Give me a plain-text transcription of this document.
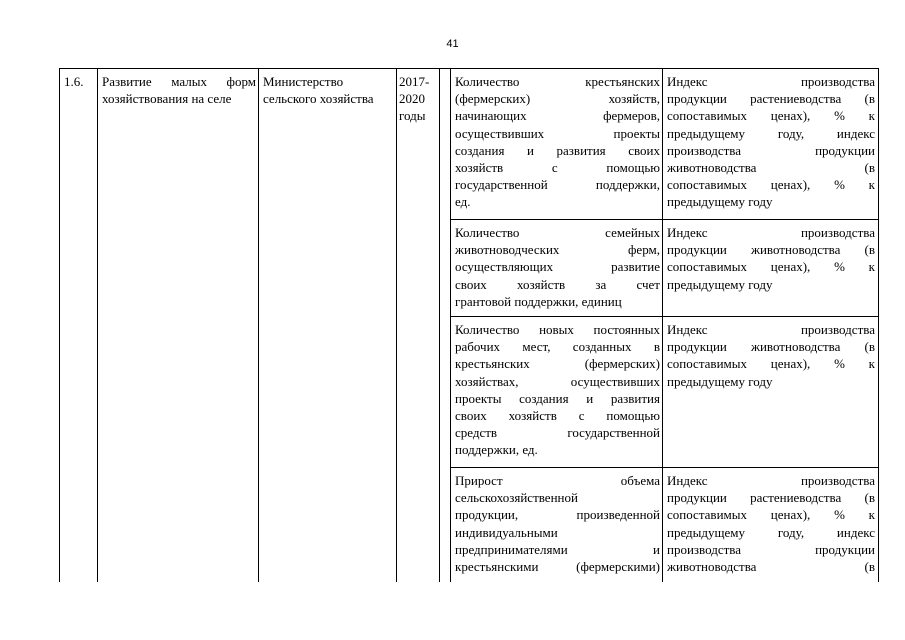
41
1.6. Развитие малых форм хозяйствования на селе

Министерство

сельского хозяйства

2017-

2020

годы

Количество крестьянских

(фермерских) хозяйств,

начинающих фермеров,

осуществивших проекты

создания и развития своих

хозяйств с помощью

государственной поддержки,

ед.

Индекс производства

продукции растениеводства (в

сопоставимых ценах), % к

предыдущему году, индекс

производства продукции

животноводства (в

сопоставимых ценах), % к

предыдущему году

Количество семейных

животноводческих ферм,

осуществляющих развитие

своих хозяйств за счет

грантовой поддержки, единиц

Индекс производства

продукции животноводства (в

сопоставимых ценах), % к

предыдущему году

Количество новых постоянных

рабочих мест, созданных в

крестьянских (фермерских)

хозяйствах, осуществивших

проекты создания и развития

своих хозяйств с помощью

средств государственной

поддержки, ед.

Индекс производства

продукции животноводства (в

сопоставимых ценах), % к

предыдущему году

Прирост объема

сельскохозяйственной

продукции, произведенной

индивидуальными

предпринимателями и

крестьянскими (фермерскими)

Индекс производства

продукции растениеводства (в

сопоставимых ценах), % к

предыдущему году, индекс

производства продукции

животноводства (в
